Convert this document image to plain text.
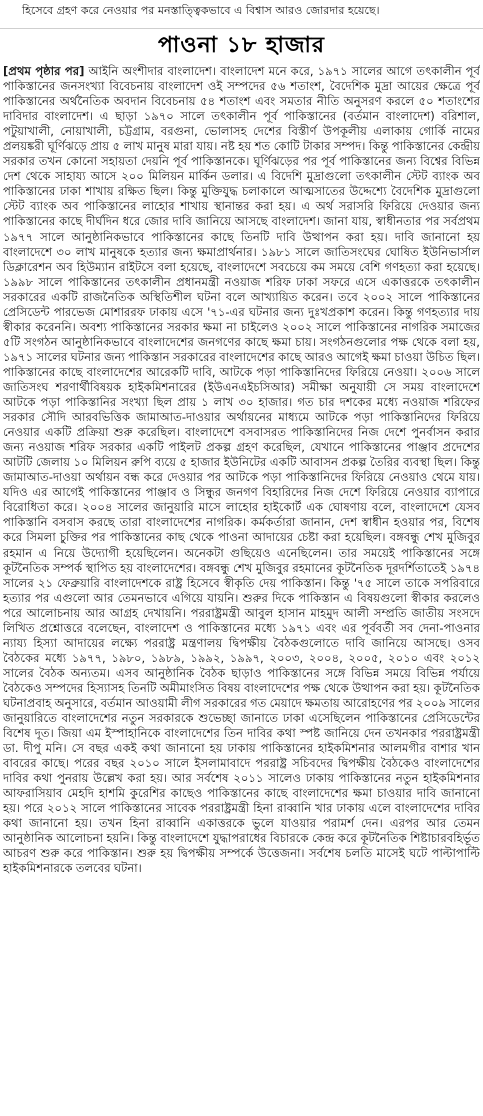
হিসেবে গ্রহণ করে নেওয়ার পর মনস্তাত্ত্বিকভাবে এ বিশ্বাস আরও জোরদার হয়েছে।
পাওনা ১৮ হাজার

[প্রথম পৃষ্ঠার পর] আইনি অংশীদার বাংলাদেশ। বাংলাদেশ মনে করে, ১৯৭১ সালের আগে তৎকালীন পূর্ব পাকিস্তানের জনসংখ্যা বিবেচনায় বাংলাদেশ ওই সম্পদের ৫৬ শতাংশ, বৈদেশিক মুদ্রা আয়ের ক্ষেত্রে পূর্ব পাকিস্তানের অর্থনৈতিক অবদান বিবেচনায় ৫৪ শতাংশ এবং সমতার নীতি অনুসরণ করলে ৫০ শতাংশের দাবিদার বাংলাদেশ। এ ছাড়া ১৯৭০ সালে তৎকালীন পূর্ব পাকিস্তানের (বর্তমান বাংলাদেশ) বরিশাল, পটুয়াখালী, নোয়াখালী, চট্টগ্রাম, বরগুনা, ভোলাসহ দেশের বিস্তীর্ণ উপকূলীয় এলাকায় গোর্কি নামের প্রলয়ঙ্করী ঘূর্ণিঝড়ে প্রায় ৫ লাখ মানুষ মারা যায়। নষ্ট হয় শত কোটি টাকার সম্পদ। কিন্তু পাকিস্তানের কেন্দ্রীয় সরকার তখন কোনো সহায়তা দেয়নি পূর্ব পাকিস্তানকে। ঘূর্ণিঝড়ের পর পূর্ব পাকিস্তানের জন্য বিশ্বের বিভিন্ন দেশ থেকে সাহায্য আসে ২০০ মিলিয়ন মার্কিন ডলার। এ বিদেশি মুদ্রাগুলো তৎকালীন স্টেট ব্যাংক অব পাকিস্তানের ঢাকা শাখায় রক্ষিত ছিল। কিন্তু মুক্তিযুদ্ধ চলাকালে আত্মসাতের উদ্দেশ্যে বৈদেশিক মুদ্রাগুলো স্টেট ব্যাংক অব পাকিস্তানের লাহোর শাখায় স্থানান্তর করা হয়। এ অর্থ সরাসরি ফিরিয়ে দেওয়ার জন্য পাকিস্তানের কাছে দীর্ঘদিন ধরে জোর দাবি জানিয়ে আসছে বাংলাদেশ। জানা যায়, স্বাধীনতার পর সর্বপ্রথম ১৯৭৭ সালে আনুষ্ঠানিকভাবে পাকিস্তানের কাছে তিনটি দাবি উত্থাপন করা হয়। দাবি জানানো হয় বাংলাদেশে ৩০ লাখ মানুষকে হত্যার জন্য ক্ষমাপ্রার্থনার। ১৯৮১ সালে জাতিসংঘের ঘোষিত ইউনিভার্সাল ডিক্লারেশন অব হিউম্যান রাইটসে বলা হয়েছে, বাংলাদেশে সবচেয়ে কম সময়ে বেশি গণহত্যা করা হয়েছে। ১৯৯৮ সালে পাকিস্তানের তৎকালীন প্রধানমন্ত্রী নওয়াজ শরিফ ঢাকা সফরে এসে একাত্তরকে তৎকালীন সরকারের একটি রাজনৈতিক অস্থিতিশীল ঘটনা বলে আখ্যায়িত করেন। তবে ২০০২ সালে পাকিস্তানের প্রেসিডেন্ট পারভেজ মোশাররফ ঢাকায় এসে '৭১-এর ঘটনার জন্য দুঃখপ্রকাশ করেন। কিন্তু গণহত্যার দায় স্বীকার করেননি। অবশ্য পাকিস্তানের সরকার ক্ষমা না চাইলেও ২০০২ সালে পাকিস্তানের নাগরিক সমাজের ৫টি সংগঠন আনুষ্ঠানিকভাবে বাংলাদেশের জনগণের কাছে ক্ষমা চায়। সংগঠনগুলোর পক্ষ থেকে বলা হয়, ১৯৭১ সালের ঘটনার জন্য পাকিস্তান সরকারের বাংলাদেশের কাছে আরও আগেই ক্ষমা চাওয়া উচিত ছিল। পাকিস্তানের কাছে বাংলাদেশের আরেকটি দাবি, আটকে পড়া পাকিস্তানিদের ফিরিয়ে নেওয়া। ২০০৬ সালে জাতিসংঘ শরণার্থীবিষয়ক হাইকমিশনারের (ইউএনএইচসিআর) সমীক্ষা অনুযায়ী সে সময় বাংলাদেশে আটকে পড়া পাকিস্তানির সংখ্যা ছিল প্রায় ১ লাখ ৩০ হাজার। গত চার দশকের মধ্যে নওয়াজ শরিফের সরকার সৌদি আরবভিত্তিক জামাআত-দাওয়ার অর্থায়নের মাধ্যমে আটকে পড়া পাকিস্তানিদের ফিরিয়ে নেওয়ার একটি প্রক্রিয়া শুরু করেছিল। বাংলাদেশে বসবাসরত পাকিস্তানিদের নিজ দেশে পুনর্বাসন করার জন্য নওয়াজ শরিফ সরকার একটি পাইলট প্রকল্প গ্রহণ করেছিল, যেখানে পাকিস্তানের পাঞ্জাব প্রদেশের আটটি জেলায় ১০ মিলিয়ন রুপি ব্যয়ে ৫ হাজার ইউনিটের একটি আবাসন প্রকল্প তৈরির ব্যবস্থা ছিল। কিন্তু জামাআত-দাওয়া অর্থায়ন বন্ধ করে দেওয়ার পর আটকে পড়া পাকিস্তানিদের ফিরিয়ে নেওয়াও থেমে যায়। যদিও এর আগেই পাকিস্তানের পাঞ্জাব ও সিন্ধুর জনগণ বিহারিদের নিজ দেশে ফিরিয়ে নেওয়ার ব্যাপারে বিরোধিতা করে। ২০০৪ সালের জানুয়ারি মাসে লাহোর হাইকোর্ট এক ঘোষণায় বলে, বাংলাদেশে যেসব পাকিস্তানি বসবাস করছে তারা বাংলাদেশের নাগরিক। কর্মকর্তারা জানান, দেশ স্বাধীন হওয়ার পর, বিশেষ করে সিমলা চুক্তির পর পাকিস্তানের কাছ থেকে পাওনা আদায়ের চেষ্টা করা হয়েছিল। বঙ্গবন্ধু শেখ মুজিবুর রহমান এ নিয়ে উদ্যোগী হয়েছিলেন। অনেকটা গুছিয়েও এনেছিলেন। তার সময়েই পাকিস্তানের সঙ্গে কূটনৈতিক সম্পর্ক স্থাপিত হয় বাংলাদেশের। বঙ্গবন্ধু শেখ মুজিবুর রহমানের কূটনৈতিক দূরদর্শিতাতেই ১৯৭৪ সালের ২১ ফেব্রুয়ারি বাংলাদেশকে রাষ্ট্র হিসেবে স্বীকৃতি দেয় পাকিস্তান। কিন্তু '৭৫ সালে তাকে সপরিবারে হত্যার পর এগুলো আর তেমনভাবে এগিয়ে যায়নি। শুরুর দিকে পাকিস্তান এ বিষয়গুলো স্বীকার করলেও পরে আলোচনায় আর আগ্রহ দেখায়নি। পররাষ্ট্রমন্ত্রী আবুল হাসান মাহমুদ আলী সম্প্রতি জাতীয় সংসদে লিখিত প্রশ্নোত্তরে বলেছেন, বাংলাদেশ ও পাকিস্তানের মধ্যে ১৯৭১ এবং এর পূর্ববর্তী সব দেনা-পাওনার ন্যায্য হিস্যা আদায়ের লক্ষ্যে পররাষ্ট্র মন্ত্রণালয় দ্বিপক্ষীয় বৈঠকগুলোতে দাবি জানিয়ে আসছে। ওসব বৈঠকের মধ্যে ১৯৭৭, ১৯৮০, ১৯৮৯, ১৯৯২, ১৯৯৭, ২০০৩, ২০০৪, ২০০৫, ২০১০ এবং ২০১২ সালের বৈঠক অন্যতম। এসব আনুষ্ঠানিক বৈঠক ছাড়াও পাকিস্তানের সঙ্গে বিভিন্ন সময়ে বিভিন্ন পর্যায়ে বৈঠকেও সম্পদের হিস্যাসহ তিনটি অমীমাংসিত বিষয় বাংলাদেশের পক্ষ থেকে উত্থাপন করা হয়। কূটনৈতিক ঘটনাপ্রবাহ অনুসারে, বর্তমান আওয়ামী লীগ সরকারের গত মেয়াদে ক্ষমতায় আরোহণের পর ২০০৯ সালের জানুয়ারিতে বাংলাদেশের নতুন সরকারকে শুভেচ্ছা জানাতে ঢাকা এসেছিলেন পাকিস্তানের প্রেসিডেন্টের বিশেষ দূত। জিয়া এম ইস্পাহানিকে বাংলাদেশের তিন দাবির কথা স্পষ্ট জানিয়ে দেন তখনকার পররাষ্ট্রমন্ত্রী ডা. দীপু মনি। সে বছর একই কথা জানানো হয় ঢাকায় পাকিস্তানের হাইকমিশনার আলমগীর বাশার খান বাবরের কাছে। পরের বছর ২০১০ সালে ইসলামাবাদে পররাষ্ট্র সচিবদের দ্বিপক্ষীয় বৈঠকেও বাংলাদেশের দাবির কথা পুনরায় উল্লেখ করা হয়। আর সর্বশেষ ২০১১ সালেও ঢাকায় পাকিস্তানের নতুন হাইকমিশনার আফরাসিয়াব মেহদি হাশমি কুরেশির কাছেও পাকিস্তানের কাছে বাংলাদেশের ক্ষমা চাওয়ার দাবি জানানো হয়। পরে ২০১২ সালে পাকিস্তানের সাবেক পররাষ্ট্রমন্ত্রী হিনা রাব্বানি খার ঢাকায় এলে বাংলাদেশের দাবির কথা জানানো হয়। তখন হিনা রাব্বানি একাত্তরকে ভুলে যাওয়ার পরামর্শ দেন। এরপর আর তেমন আনুষ্ঠানিক আলোচনা হয়নি। কিন্তু বাংলাদেশে যুদ্ধাপরাধের বিচারকে কেন্দ্র করে কূটনৈতিক শিষ্টাচারবহির্ভূত আচরণ শুরু করে পাকিস্তান। শুরু হয় দ্বিপক্ষীয় সম্পর্কে উত্তেজনা। সর্বশেষ চলতি মাসেই ঘটে পাল্টাপাল্টি হাইকমিশনারকে তলবের ঘটনা।
